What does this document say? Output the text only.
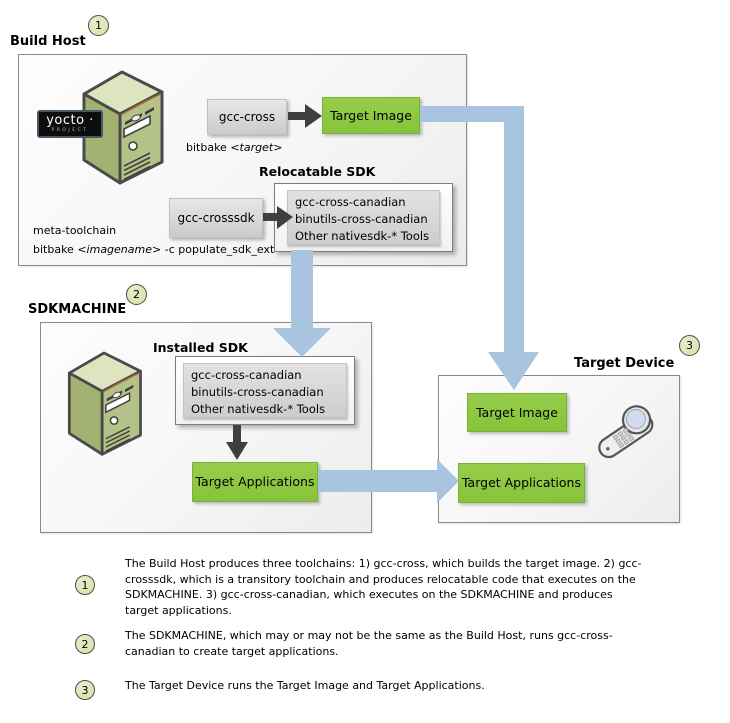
1
Build Host
yocto ·
PROJECT
gcc-cross	Target Image
bitbake <target>
Relocatable SDK
gcc-cross-canadian
binutils-cross-canadian
Other nativesdk-* Tools
gcc-crosssdk
meta-toolchain
bitbake <imagename> -c populate_sdk_ext
2
SDKMACHINE
Installed SDK
gcc-cross-canadian
binutils-cross-canadian
Other nativesdk-* Tools
Target Applications
3
Target Device
Target Image
Target Applications
1
The Build Host produces three toolchains: 1) gcc-cross, which builds the target image. 2) gcc-crosssdk, which is a transitory toolchain and produces relocatable code that executes on the SDKMACHINE. 3) gcc-cross-canadian, which executes on the SDKMACHINE and produces target applications.
2
The SDKMACHINE, which may or may not be the same as the Build Host, runs gcc-cross-canadian to create target applications.
3	The Target Device runs the Target Image and Target Applications.
